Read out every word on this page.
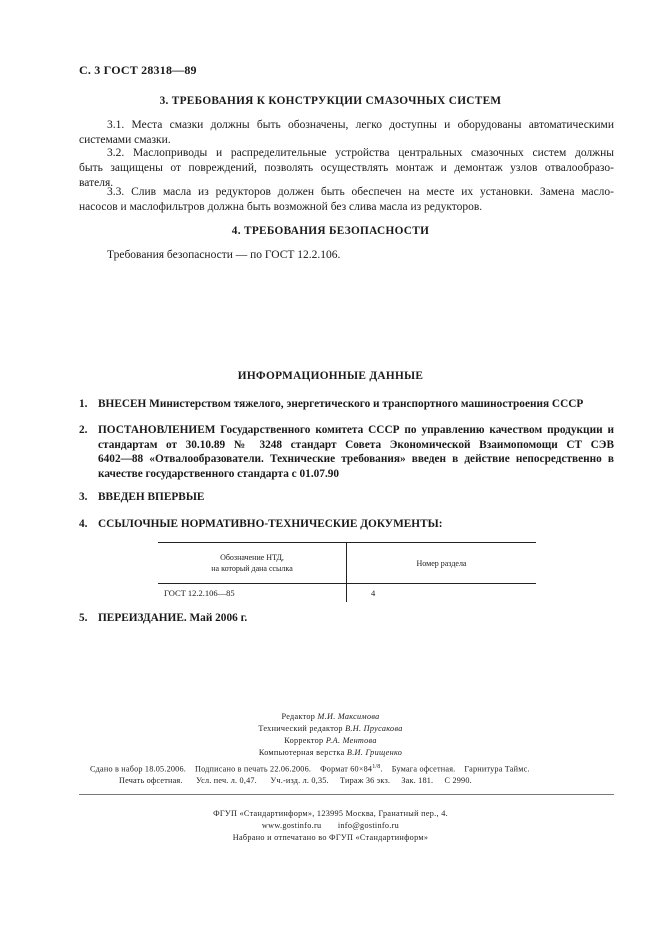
С. 3 ГОСТ 28318—89
3. ТРЕБОВАНИЯ К КОНСТРУКЦИИ СМАЗОЧНЫХ СИСТЕМ

3.1. Места смазки должны быть обозначены, легко доступны и оборудованы автоматическими
системами смазки.

3.2. Маслоприводы и распределительные устройства центральных смазочных систем должны
быть защищены от повреждений, позволять осуществлять монтаж и демонтаж узлов отвалообразо-
вателя.

3.3. Слив масла из редукторов должен быть обеспечен на месте их установки. Замена масло-
насосов и маслофильтров должна быть возможной без слива масла из редукторов.

4. ТРЕБОВАНИЯ БЕЗОПАСНОСТИ
Требования безопасности — по ГОСТ 12.2.106.
ИНФОРМАЦИОННЫЕ ДАННЫЕ
1. ВНЕСЕН Министерством тяжелого, энергетического и транспортного машиностроения СССР
2. ПОСТАНОВЛЕНИЕМ Государственного комитета СССР по управлению качеством продукции и
стандартам от 30.10.89 № 3248 стандарт Совета Экономической Взаимопомощи СТ СЭВ
6402—88 «Отвалообразователи. Технические требования» введен в действие непосредственно в
качестве государственного стандарта с 01.07.90
3. ВВЕДЕН ВПЕРВЫЕ
4. ССЫЛОЧНЫЕ НОРМАТИВНО-ТЕХНИЧЕСКИЕ ДОКУМЕНТЫ:
Обозначение НТД,
на который дана ссылка	Номер раздела
ГОСТ 12.2.106—85	4
5. ПЕРЕИЗДАНИЕ. Май 2006 г.
Редактор М.И. Максимова
Технический редактор В.Н. Прусакова
Корректор Р.А. Ментова
Компьютерная верстка В.И. Грищенко
Сдано в набор 18.05.2006. Подписано в печать 22.06.2006. Формат $60\times 84^{1/8}$. Бумага офсетная. Гарнитура Таймс.
Печать офсетная. Усл. печ. л. 0,47. Уч.-изд. л. 0,35. Тираж 36 экз. Зак. 181. С 2990.
ФГУП «Стандартинформ», 123995 Москва, Гранатный пер., 4.
www.gostinfo.ru info@gostinfo.ru
Набрано и отпечатано во ФГУП «Стандартинформ»
